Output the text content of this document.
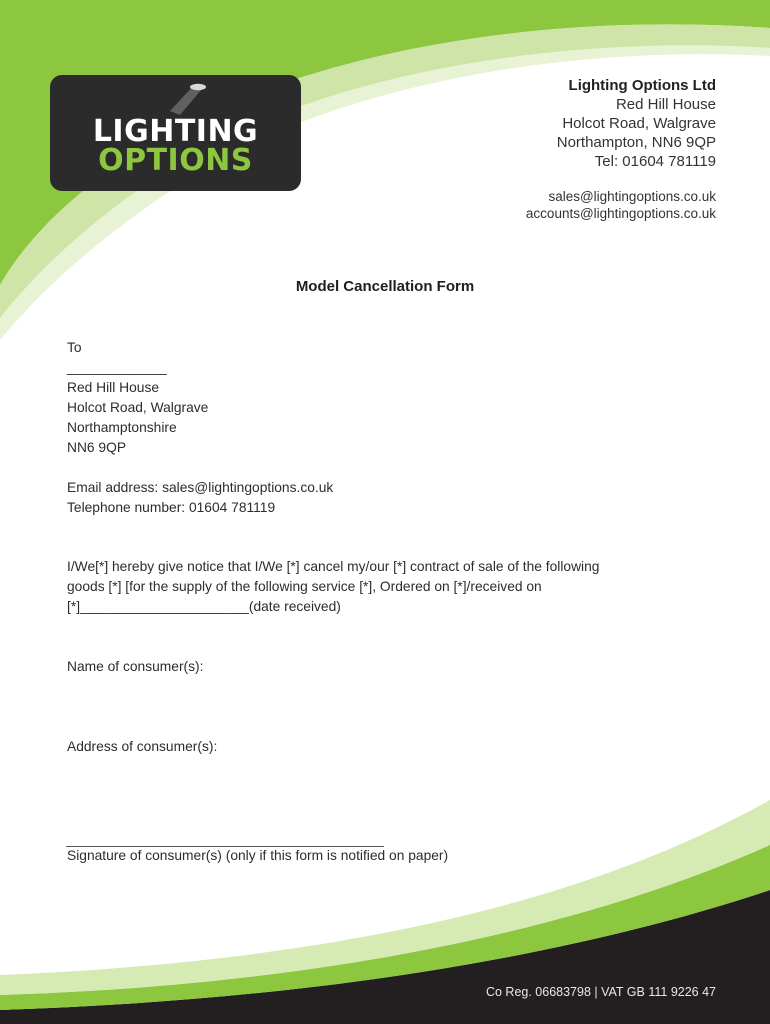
LIGHTING
OPTIONS
Lighting Options Ltd
Red Hill House
Holcot Road, Walgrave
Northampton, NN6 9QP
Tel: 01604 781119
sales@lightingoptions.co.uk
accounts@lightingoptions.co.uk
Model Cancellation Form
To
_____________
Red Hill House
Holcot Road, Walgrave
Northamptonshire
NN6 9QP
Email address: sales@lightingoptions.co.uk
Telephone number: 01604 781119
I/We[*] hereby give notice that I/We [*] cancel my/our [*] contract of sale of the following
goods [*] [for the supply of the following service [*], Ordered on [*]/received on
[*]______________________(date received)
Name of consumer(s):
Address of consumer(s):
Signature of consumer(s) (only if this form is notified on paper)
Co Reg. 06683798 | VAT GB 111 9226 47
